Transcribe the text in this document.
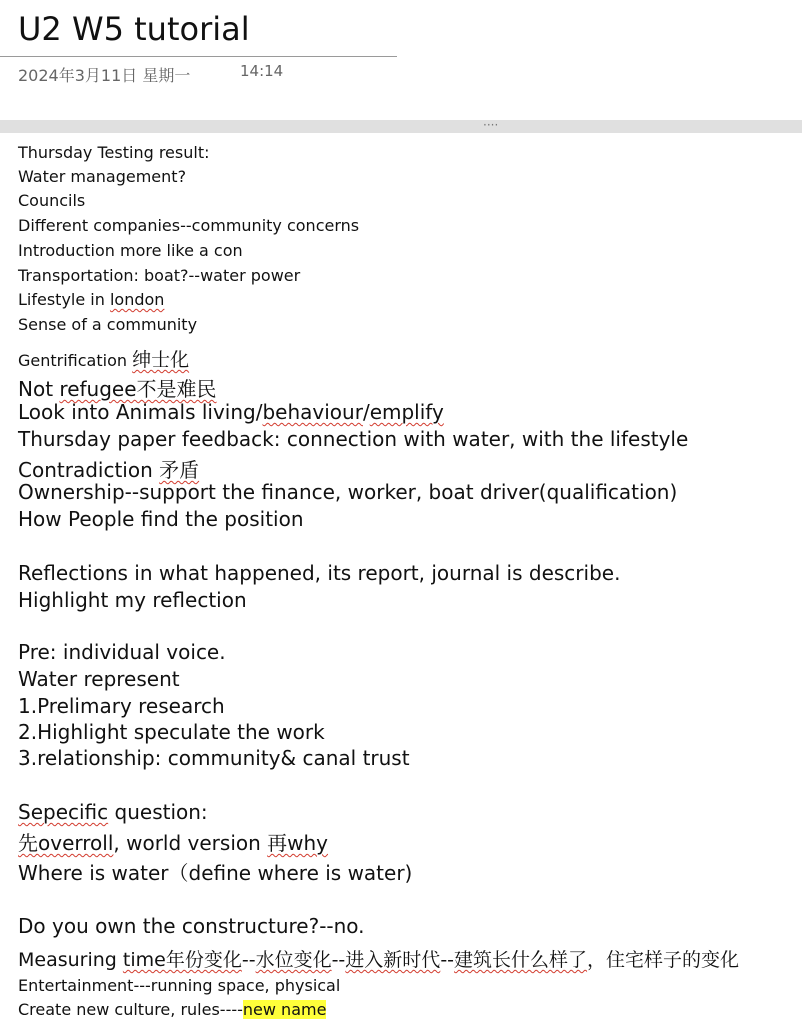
U2 W5 tutorial
2024年3月11日 星期一	14:14
····
Thursday Testing result:
Water management?
Councils
Different companies--community concerns
Introduction more like a con
Transportation: boat?--water power
Lifestyle in london
Sense of a community
Gentrification 绅士化
Not refugee不是难民
Look into Animals living/behaviour/emplify
Thursday paper feedback: connection with water, with the lifestyle
Contradiction 矛盾
Ownership--support the finance, worker, boat driver(qualification)
How People find the position
Reflections in what happened, its report, journal is describe.
Highlight my reflection
Pre: individual voice.
Water represent
1.Prelimary research
2.Highlight speculate the work
3.relationship: community& canal trust
Sepecific question:
先overroll, world version 再why
Where is water（define where is water)
Do you own the constructure?--no.
Measuring time年份变化--水位变化--进入新时代--建筑长什么样了，住宅样子的变化
Entertainment---running space, physical
Create new culture, rules----new name
